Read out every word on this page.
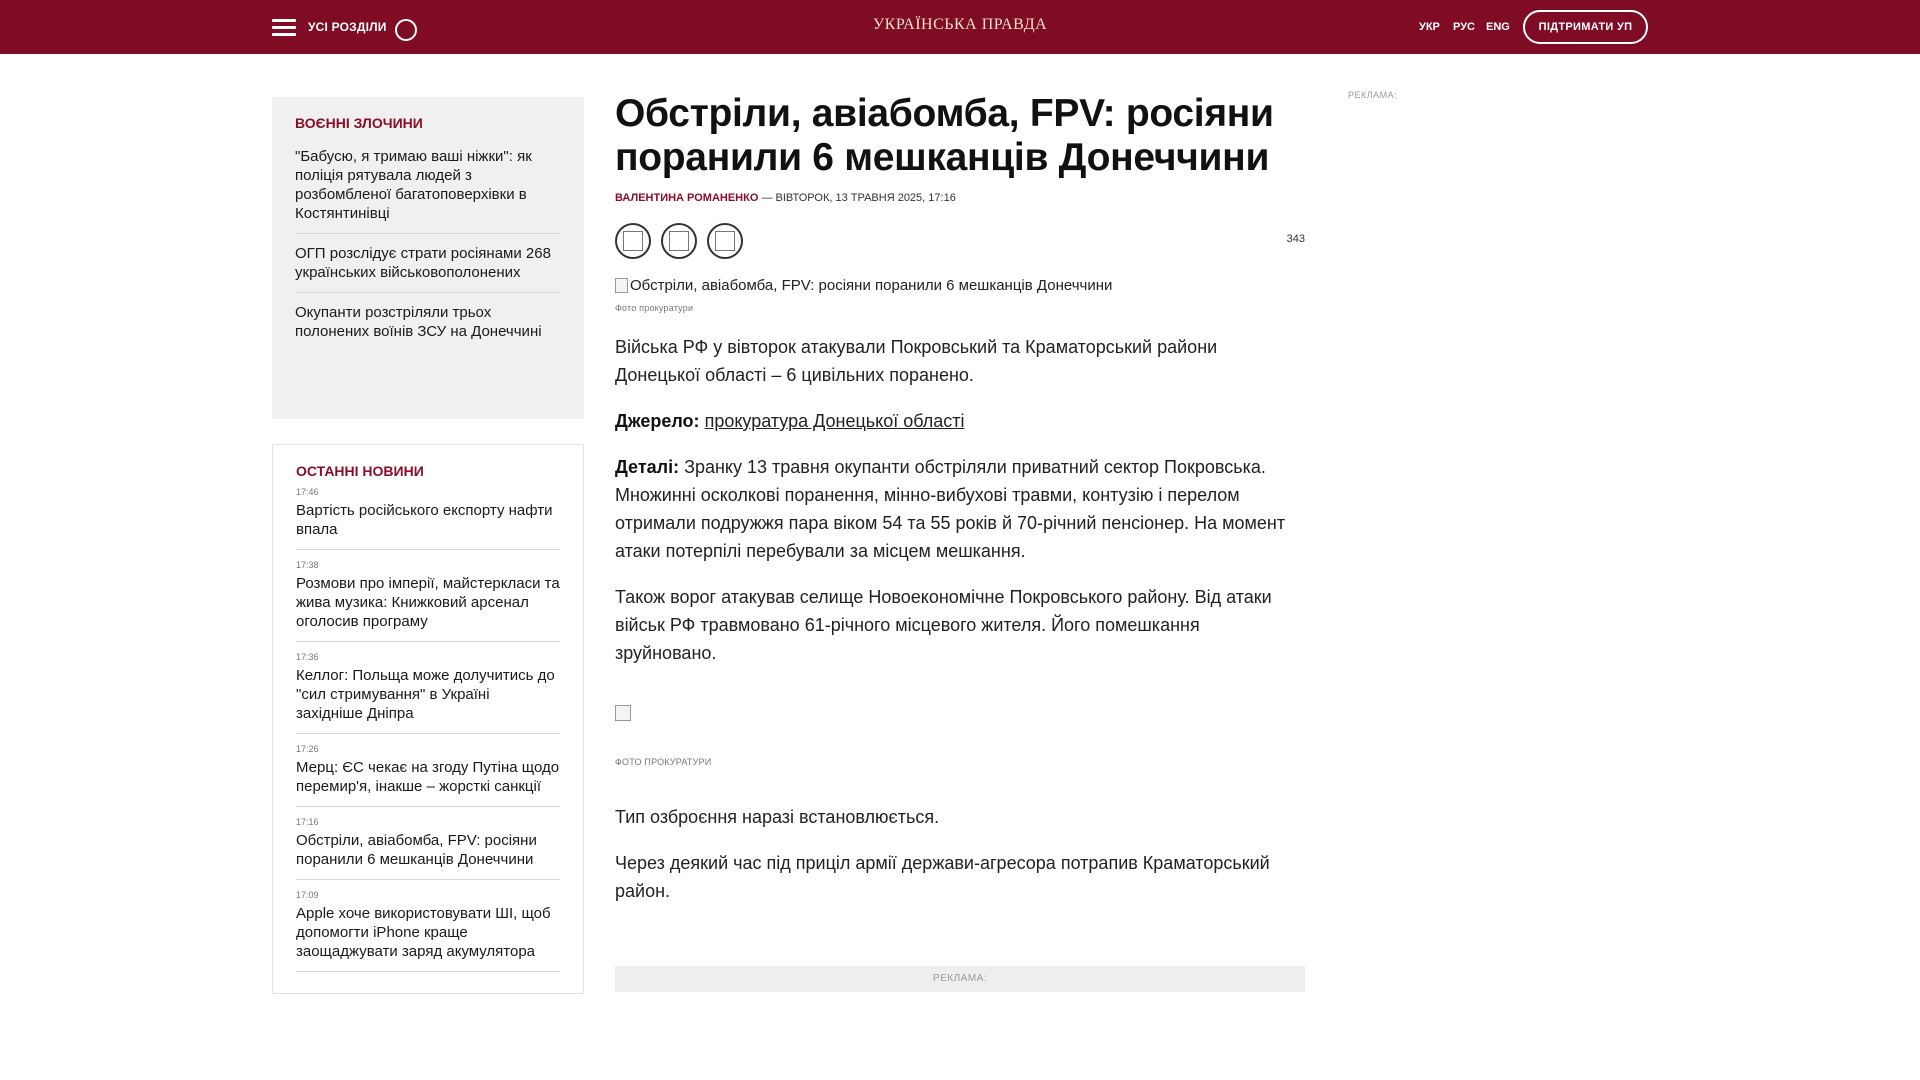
УСІ РОЗДІЛИ	УКРАЇНСЬКА ПРАВДА	УКР РУС ENG	ПІДТРИМАТИ УП
ВОЄННІ ЗЛОЧИНИ
"Бабусю, я тримаю ваші ніжки": як поліція рятувала людей з розбомбленої багатоповерхівки в Костянтинівці
ОГП розслідує страти росіянами 268 українських військовополонених
Окупанти розстріляли трьох полонених воїнів ЗСУ на Донеччині
ОСТАННІ НОВИНИ
17:46
Вартість російського експорту нафти впала
17:38
Розмови про імперії, майстеркласи та жива музика: Книжковий арсенал оголосив програму
17:36
Келлог: Польща може долучитись до "сил стримування" в Україні західніше Дніпра
17:26
Мерц: ЄС чекає на згоду Путіна щодо перемир'я, інакше – жорсткі санкції
17:16
Обстріли, авіабомба, FPV: росіяни поранили 6 мешканців Донеччини
17:09
Apple хоче використовувати ШІ, щоб допомогти iPhone краще заощаджувати заряд акумулятора
Обстріли, авіабомба, FPV: росіяни поранили 6 мешканців Донеччини
ВАЛЕНТИНА РОМАНЕНКО — ВІВТОРОК, 13 ТРАВНЯ 2025, 17:16
343
Обстріли, авіабомба, FPV: росіяни поранили 6 мешканців Донеччини
Фото прокуратури

Війська РФ у вівторок атакували Покровський та Краматорський райони Донецької області – 6 цивільних поранено.

Джерело: прокуратура Донецької області

Деталі: Зранку 13 травня окупанти обстріляли приватний сектор Покровська. Множинні осколкові поранення, мінно-вибухові травми, контузію і перелом отримали подружжя пара віком 54 та 55 років й 70-річний пенсіонер. На момент атаки потерпілі перебували за місцем мешкання.

Також ворог атакував селище Новоекономічне Покровського району. Від атаки військ РФ травмовано 61-річного місцевого жителя. Його помешкання зруйновано.

ФОТО ПРОКУРАТУРИ

Тип озброєння наразі встановлюється.

Через деякий час під приціл армії держави-агресора потрапив Краматорський район.

РЕКЛАМА:
РЕКЛАМА:
